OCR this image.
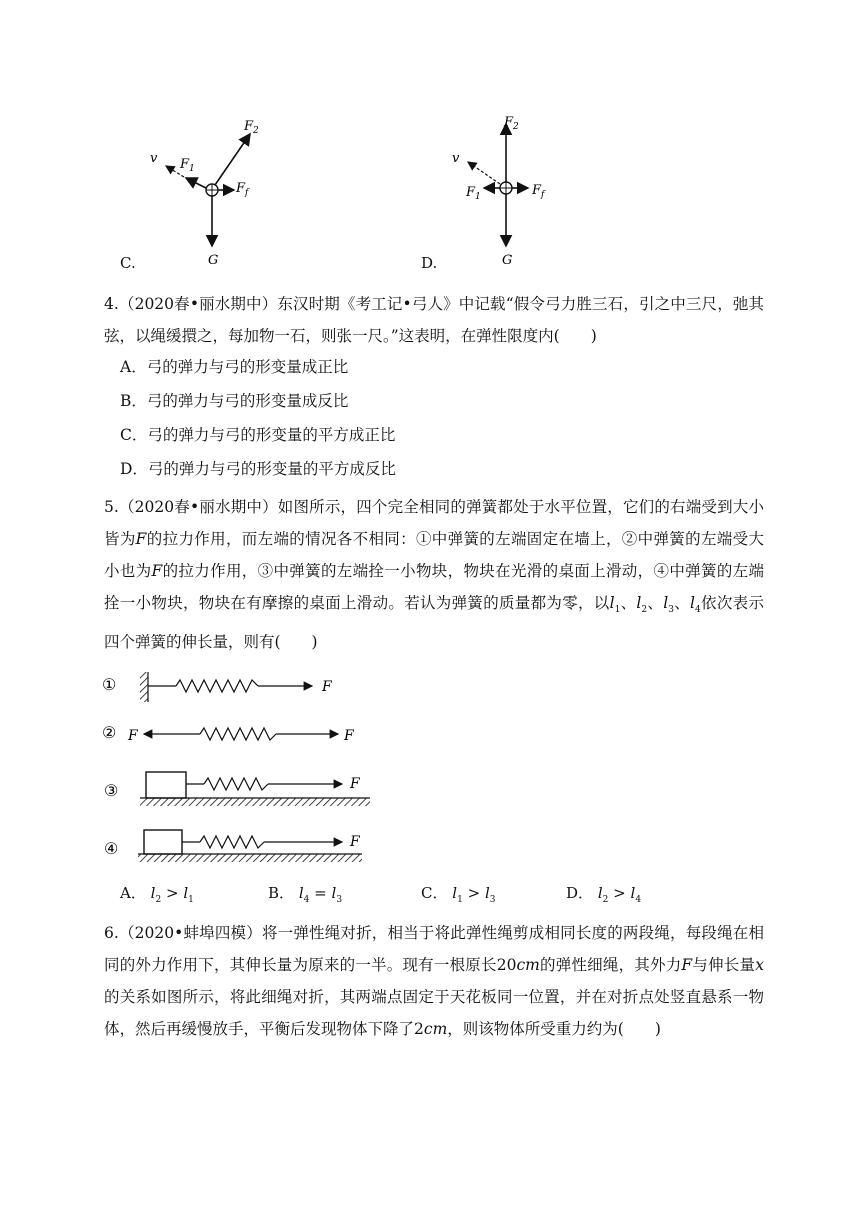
v $F_1$
$F_2$
$F_f$
G
C.
v
$F_1$
$F_2$
$F_f$
G
D.
4.（2020春•丽水期中）东汉时期《考工记•弓人》中记载“假令弓力胜三石，引之中三尺，弛其弦，以绳缓擐之，每加物一石，则张一尺。”这表明，在弹性限度内(　　)
A．弓的弹力与弓的形变量成正比
B．弓的弹力与弓的形变量成反比
C．弓的弹力与弓的形变量的平方成正比
D．弓的弹力与弓的形变量的平方成反比
5.（2020春•丽水期中）如图所示，四个完全相同的弹簧都处于水平位置，它们的右端受到大小皆为F的拉力作用，而左端的情况各不相同：①中弹簧的左端固定在墙上，②中弹簧的左端受大小也为F的拉力作用，③中弹簧的左端拴一小物块，物块在光滑的桌面上滑动，④中弹簧的左端拴一小物块，物块在有摩擦的桌面上滑动。若认为弹簧的质量都为零，以$l_1$、$l_2$、$l_3$、$l_4$依次表示四个弹簧的伸长量，则有(　　)
①	F
② F	F
③	F
④	F
A． $l_2 > l_1$	B． $l_4 = l_3$	C． $l_1 > l_3$	D． $l_2 > l_4$
6.（2020•蚌埠四模）将一弹性绳对折，相当于将此弹性绳剪成相同长度的两段绳，每段绳在相同的外力作用下，其伸长量为原来的一半。现有一根原长20cm的弹性细绳，其外力F与伸长量x的关系如图所示，将此细绳对折，其两端点固定于天花板同一位置，并在对折点处竖直悬系一物体，然后再缓慢放手，平衡后发现物体下降了2cm，则该物体所受重力约为(　　)
